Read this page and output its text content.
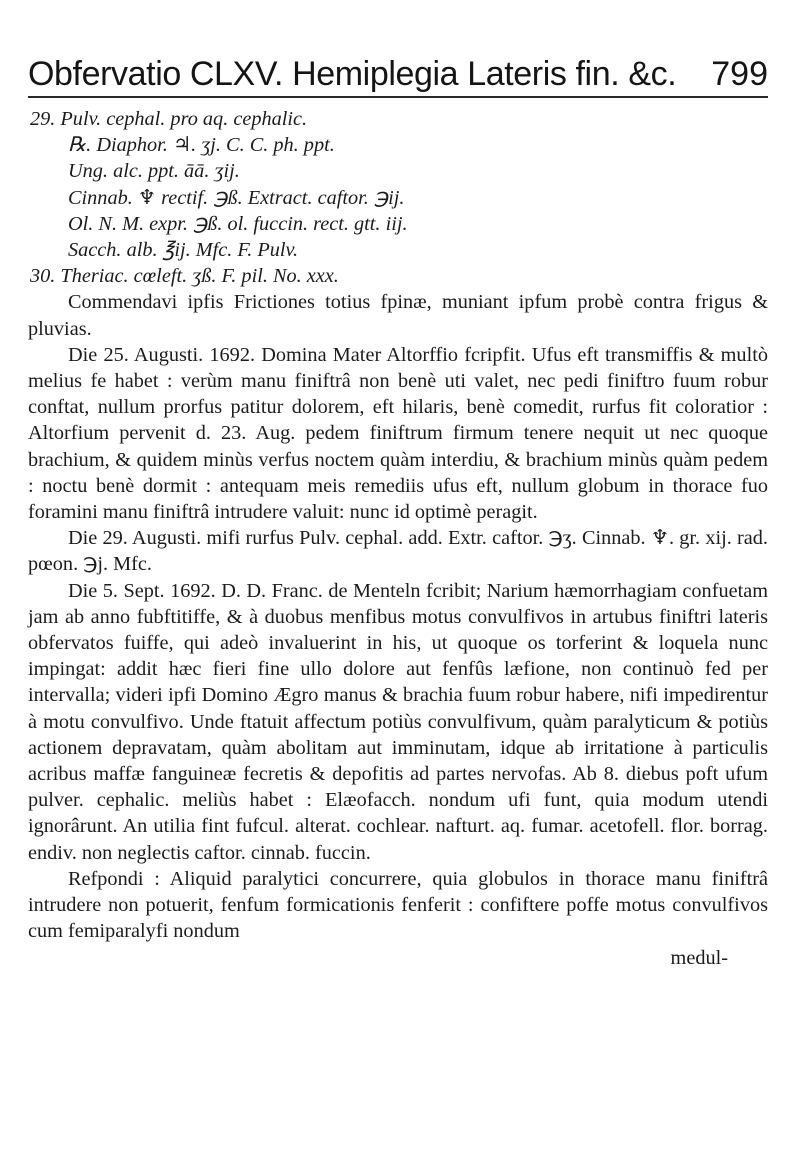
Obfervatio CLXV. Hemiplegia Lateris fin. &c. 799
29. Pulv. cephal. pro aq. cephalic.
℞. Diaphor. ♃. ʒj. C. C. ph. ppt.
Ung. alc. ppt. āā. ʒij.
Cinnab. ♆ rectif. ℈ß. Extract. caftor. ℈ij.
Ol. N. M. expr. ℈ß. ol. fuccin. rect. gtt. iij.
Sacch. alb. ℥ij. Mfc. F. Pulv.
30. Theriac. cœleft. ʒß. F. pil. No. xxx.

Commendavi ipfis Frictiones totius fpinæ, muniant ipfum probè contra frigus & pluvias.

Die 25. Augusti. 1692. Domina Mater Altorffio fcripfit. Ufus eft transmiffis & multò melius fe habet : verùm manu finiftrâ non benè uti valet, nec pedi finiftro fuum robur conftat, nullum prorfus patitur dolorem, eft hilaris, benè comedit, rurfus fit coloratior : Altorfium pervenit d. 23. Aug. pedem finiftrum firmum tenere nequit ut nec quoque brachium, & quidem minùs verfus noctem quàm interdiu, & brachium minùs quàm pedem : noctu benè dormit : antequam meis remediis ufus eft, nullum globum in thorace fuo foramini manu finiftrâ intrudere valuit: nunc id optimè peragit.

Die 29. Augusti. mifi rurfus Pulv. cephal. add. Extr. caftor. ℈ʒ. Cinnab. ♆. gr. xij. rad. pœon. ℈j. Mfc.

Die 5. Sept. 1692. D. D. Franc. de Menteln fcribit; Narium hæmorrhagiam confuetam jam ab anno fubftitiffe, & à duobus menfibus motus convulfivos in artubus finiftri lateris obfervatos fuiffe, qui adeò invaluerint in his, ut quoque os torferint & loquela nunc impingat: addit hæc fieri fine ullo dolore aut fenfûs læfione, non continuò fed per intervalla; videri ipfi Domino Ægro manus & brachia fuum robur habere, nifi impedirentur à motu convulfivo. Unde ftatuit affectum potiùs convulfivum, quàm paralyticum & potiùs actionem depravatam, quàm abolitam aut imminutam, idque ab irritatione à particulis acribus maffæ fanguineæ fecretis & depofitis ad partes nervofas. Ab 8. diebus poft ufum pulver. cephalic. meliùs habet : Elæofacch. nondum ufi funt, quia modum utendi ignorârunt. An utilia fint fufcul. alterat. cochlear. nafturt. aq. fumar. acetofell. flor. borrag. endiv. non neglectis caftor. cinnab. fuccin.

Refpondi : Aliquid paralytici concurrere, quia globulos in thorace manu finiftrâ intrudere non potuerit, fenfum formicationis fenferit : confiftere poffe motus convulfivos cum femiparalyfi nondum

medul-
